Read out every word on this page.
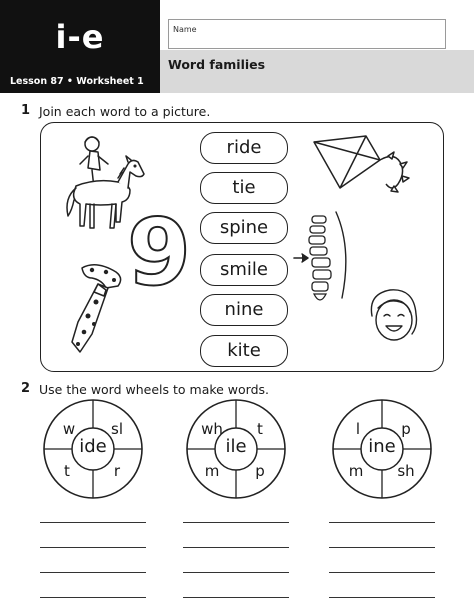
i-e
Lesson 87 • Worksheet 1
Name
Word families
1 Join each word to a picture.
ride
tie
spine
smile
nine
kite
9
2 Use the word wheels to make words.
w	sl
t	r
ide
wh	t
m	p
ile
l	p
m	sh
ine
